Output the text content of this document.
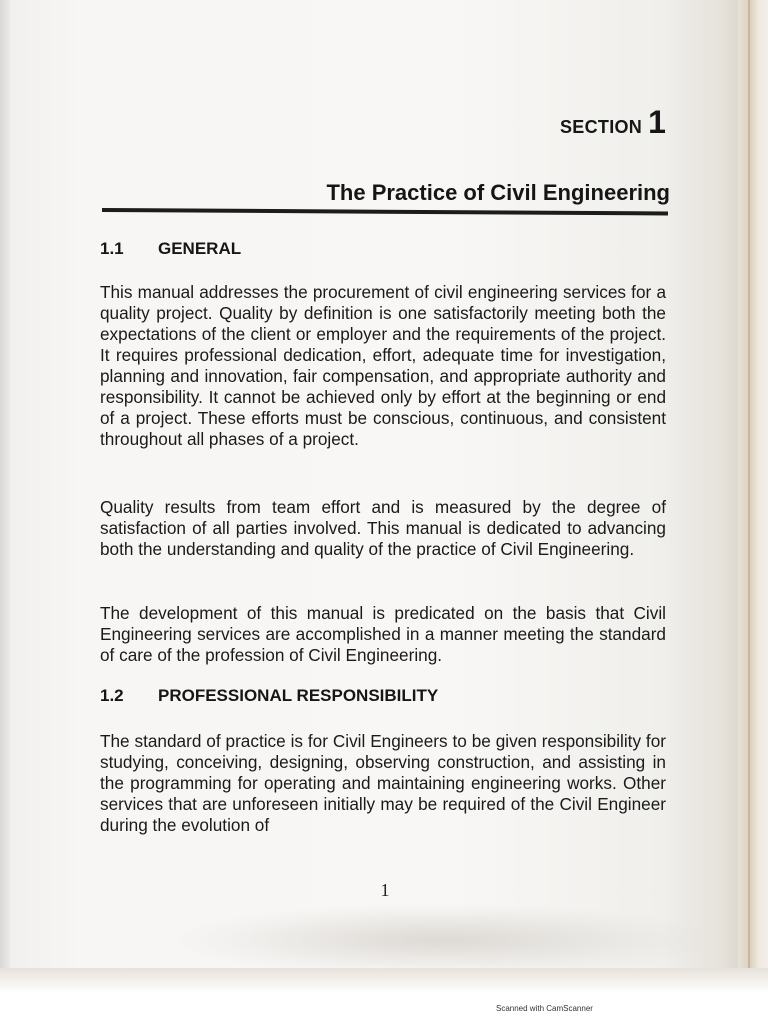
SECTION 1
The Practice of Civil Engineering
1.1 GENERAL
This manual addresses the procurement of civil engineering services for a quality project. Quality by definition is one satisfactorily meeting both the expectations of the client or employer and the requirements of the project. It requires professional dedication, effort, adequate time for investigation, planning and innovation, fair compensation, and appropriate authority and responsibility. It cannot be achieved only by effort at the beginning or end of a project. These efforts must be conscious, continuous, and consistent throughout all phases of a project.
Quality results from team effort and is measured by the degree of satisfaction of all parties involved. This manual is dedicated to advancing both the understanding and quality of the practice of Civil Engineering.
The development of this manual is predicated on the basis that Civil Engineering services are accomplished in a manner meeting the standard of care of the profession of Civil Engineering.
1.2 PROFESSIONAL RESPONSIBILITY
The standard of practice is for Civil Engineers to be given responsibility for studying, conceiving, designing, observing construction, and assisting in the programming for operating and maintaining engineering works. Other services that are unforeseen initially may be required of the Civil Engineer during the evolution of
1
Scanned with CamScanner
